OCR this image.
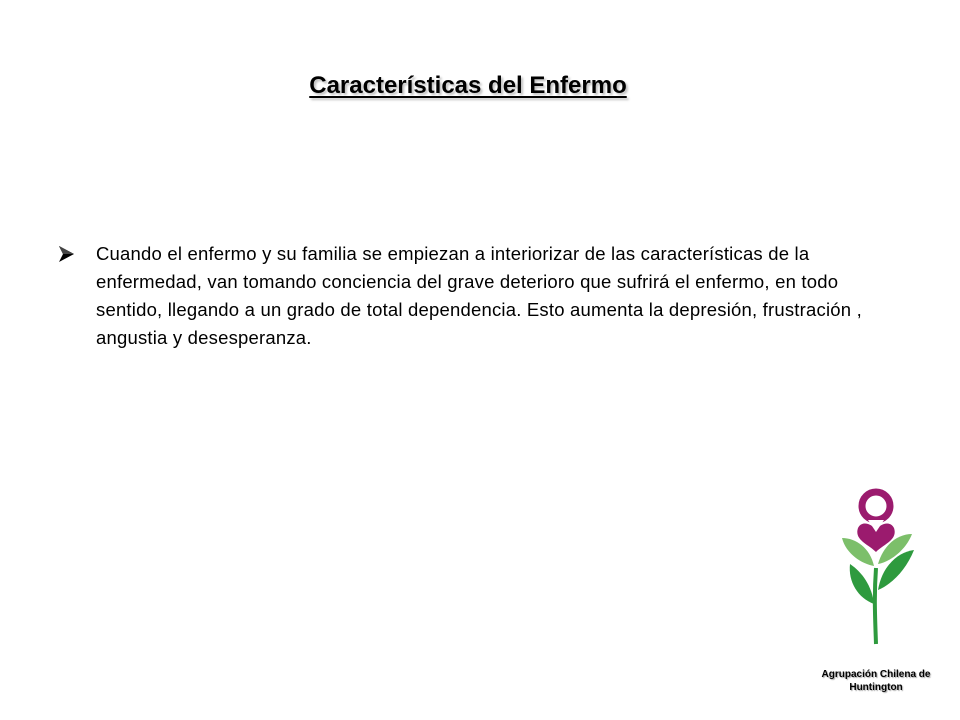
Características del Enfermo
Cuando el enfermo y su familia se empiezan a interiorizar de las características de la enfermedad, van tomando conciencia del grave deterioro que sufrirá el enfermo, en todo sentido, llegando a un grado de total dependencia. Esto aumenta la depresión, frustración , angustia y desesperanza.
Agrupación Chilena de
Huntington
